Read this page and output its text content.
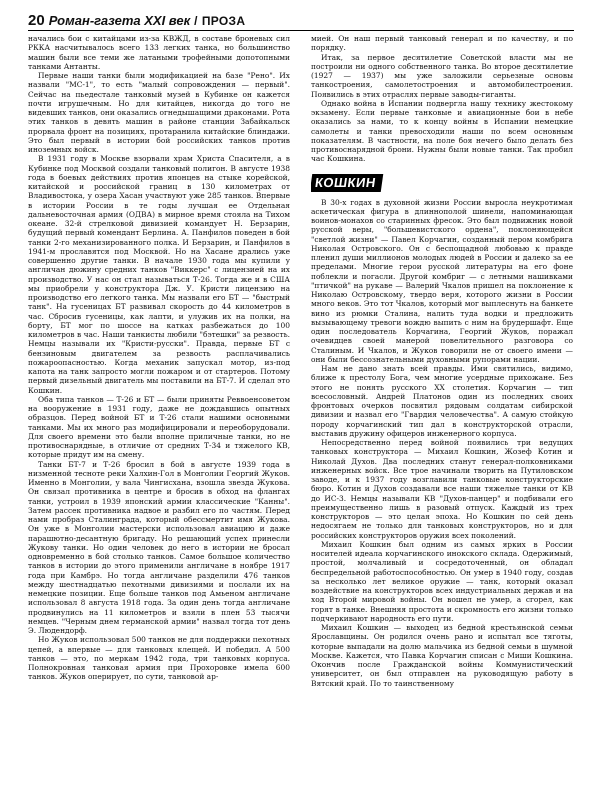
20 Роман-газета XXI век / ПРОЗА

начались бои с китайцами из-за КВЖД, в составе броневых сил РККА насчитывалось всего 133 легких танка, но большинство машин были все теми же латаными трофейными допотопными танками Антанты.

Первые наши танки были модификацией на базе "Рено". Их назвали "МС-1", то есть "малый сопровождения — первый". Сейчас на пьедестале танковый музей в Кубинке он кажется почти игрушечным. Но для китайцев, никогда до того не видевших танков, они оказались огнедышащими драконами. Рота этих танков в девять машин в районе станции Забайкальск прорвала фронт на позициях, протаранила китайские блиндажи. Это был первый в истории бой российских танков против иноземных войск.

В 1931 году в Москве взорвали храм Христа Спасителя, а в Кубинке под Москвой создали танковый полигон. В августе 1938 года в боевых действиях против японцев на стыке корейской, китайской и российской границ в 130 километрах от Владивостока, у озера Хасан участвуют уже 285 танков. Впервые в истории России в те годы лучшая ее Отдельная дальневосточная армия (ОДВА) в мирное время стояла на Тихом океане. 32-й стрелковой дивизией командует Н. Берзарин, будущий первый комендант Берлина. А. Панфилов поведен в бой танки 2-го механизированного полка. И Берзарин, и Панфилов в 1941-м прославятся под Москвой. Но на Хасане дрались уже совершенно другие танки. В начале 1930 года мы купили у англичан дюжину средних танков "Виккерс" с лицензией на их производство. У нас он стал называться Т-26. Тогда же и в США мы приобрели у конструктора Дж. У. Кристи лицензию на производство его легкого танка. Мы назвали его БТ — "быстрый танк". На гусеницах БТ развивал скорость до 44 километров в час. Сбросив гусеницы, как лапти, и улужив их на полки, на борту, БТ мог по шоссе на катках разбежаться до 100 километров в час. Наши танкисты любили "бэтешки" за резвость. Немцы называли их "Кристи-русски". Правда, первые БТ с бензиновым двигателем за резвость расплачивались пожароопасностью. Когда механик запускал мотор, из-под капота на танк запросто могли пожаром и от стартеров. Потому первый дизельный двигатель мы поставили на БТ-7. И сделал это Кошкин.

Оба типа танков — Т-26 и БТ — были приняты Реввоенсоветом на вооружение в 1931 году, даже не дождавшись опытных образцов. Перед войной БТ и Т-26 стали нашими основными танками. Мы их много раз модифицировали и переоборудовали. Для своего времени это были вполне приличные танки, но не противоснарядные, в отличие от средних Т-34 и тяжелого КВ, которые придут им на смену.

Танки БТ-7 и Т-26 бросил в бой в августе 1939 года в низменной тесноте реки Халхин-Гол в Монголии Георгий Жуков. Именно в Монголии, у вала Чингисхана, взошла звезда Жукова. Он связал противника в центре и бросив в обход на флангах танки, устроил в 1939 японский армии классические "Канны". Затем рассек противника надвое и разбил его по частям. Перед нами пробраз Сталинграда, который обессмертит имя Жукова. Он уже в Монголии мастерски использовал авиацию и даже парашютно-десантную бригаду. Но решающий успех принесли Жукову танки. Но один человек до него в истории не бросал одновременно в бой столько танков. Самое большое количество танков в истории до этого применили англичане в ноябре 1917 года при Камбрэ. Но тогда англичане разделили 476 танков между шестнадцатью пехотными дивизиями и послали их на немецкие позиции. Еще больше танков под Амьеном англичане использовал 8 августа 1918 года. За один день тогда англичане продвинулись на 11 километров и взяли в плен 53 тысячи немцев. "Черным днем германской армии" назвал тогда тот день Э. Людендорф.

Но Жуков использовал 500 танков не для поддержки пехотных цепей, а впервые — для танковых клещей. И победил. А 500 танков — это, по меркам 1942 года, три танковых корпуса. Полнокровная танковая армия при Прохоровке имела 600 танков. Жуков оперирует, по сути, танковой ар-

мией. Он наш первый танковый генерал и по качеству, и по порядку.

Итак, за первое десятилетие Советской власти мы не построили ни одного собственного танка. Во второе десятилетие (1927 — 1937) мы уже заложили серьезные основы танкостроения, самолетостроения и автомобилестроения. Появились в этих отраслях первые заводы-гиганты.

Однако война в Испании подвергла нашу технику жестокому экзамену. Если первые танковые и авиационные бои в небе оказались за нами, то к концу войны в Испании немецкие самолеты и танки превосходили наши по всем основным показателям. В частности, на поле боя нечего было делать без противоснарядной брони. Нужны были новые танки. Так пробил час Кошкина.

КОШКИН

В 30-х годах в духовной жизни России выросла неукротимая аскетическая фигура в длиннополой шинели, напоминающая воинов-монахов со старинных фресок. Это был подвижник новой русской веры, "большевистского ордена", поклоняющейся "светлой жизни" — Павел Корчагин, созданный пером комбрига Николая Островского. Он с беспощадной любовью к правде пленил души миллионов молодых людей в России и далеко за ее пределами. Многие герои русской литературы на его фоне поблекли и погасли. Другой комбриг — с летными нашивками "птичкой" на рукаве — Валерий Чкалов пришел на поклонение к Николаю Островскому, твердо веря, которого жизни в России много веков. Это тот Чкалов, который мог выплеснуть на банкете вино из рюмки Сталина, налить туда водки и предложить вызывающему тревоги вождю выпить с ним на брудершафт. Еще один последователь Корчагина, Георгий Жуков, поражал очевидцев своей манерой повелительного разговора со Сталиным. И Чкалов, и Жуков говорили не от своего имени — они были бессознательными духовными рупорами нации.

Нам не дано знать всей правды. Ими святились, видимо, ближе к престолу Бога, чем многие усердные прихожане. Без этого не понять русского XX столетия. Корчагин — тип всесословный. Андрей Платонов один из последних своих фронтовых очерков посвятил рядовым солдатам сибирской дивизии и назвал его "Гвардия человечества". А самую стойкую породу корчагинский тип дал в конструкторской отрасли, выставив дружину офицеров инженерного корпуса.

Непосредственно перед войной появились три ведущих танковых конструктора — Михаил Кошкин, Жозеф Котин и Николай Духов. Два последних станут генерал-полковниками инженерных войск. Все трое начинали творить на Путиловском заводе, и к 1937 году возглавили танковые конструкторские бюро. Котин и Духов создавали все наши тяжелые танки от КВ до ИС-3. Немцы называли КВ "Духов-панцер" и подбивали его преимущественно лишь в разовый отпуск. Каждый из трех конструкторов — это целая эпоха. Но Кошкин по сей день недосягаем не только для танковых конструкторов, но и для российских конструкторов оружия всех поколений.

Михаил Кошкин был одним из самых ярких в России носителей идеала корчагинского инокского склада. Одержимый, простой, молчаливый и сосредоточенный, он обладал беспредельной работоспособностью. Он умер в 1940 году, создав за несколько лет великое оружие — танк, который оказал воздействие на конструкторов всех индустриальных держав и на ход Второй мировой войны. Он вошел не умер, а сгорел, как горят в танке. Внешняя простота и скромность его жизни только подчеркивают народность его пути.

Михаил Кошкин — выходец из бедной крестьянской семьи Ярославщины. Он родился очень рано и испытал все тяготы, которые выпадали на долю мальчика из бедной семьи в шумной Москве. Кажется, что Павка Корчагин списан с Миши Кошкина. Окончив после Гражданской войны Коммунистический университет, он был отправлен на руководящую работу в Вятский край. По то таинственному
